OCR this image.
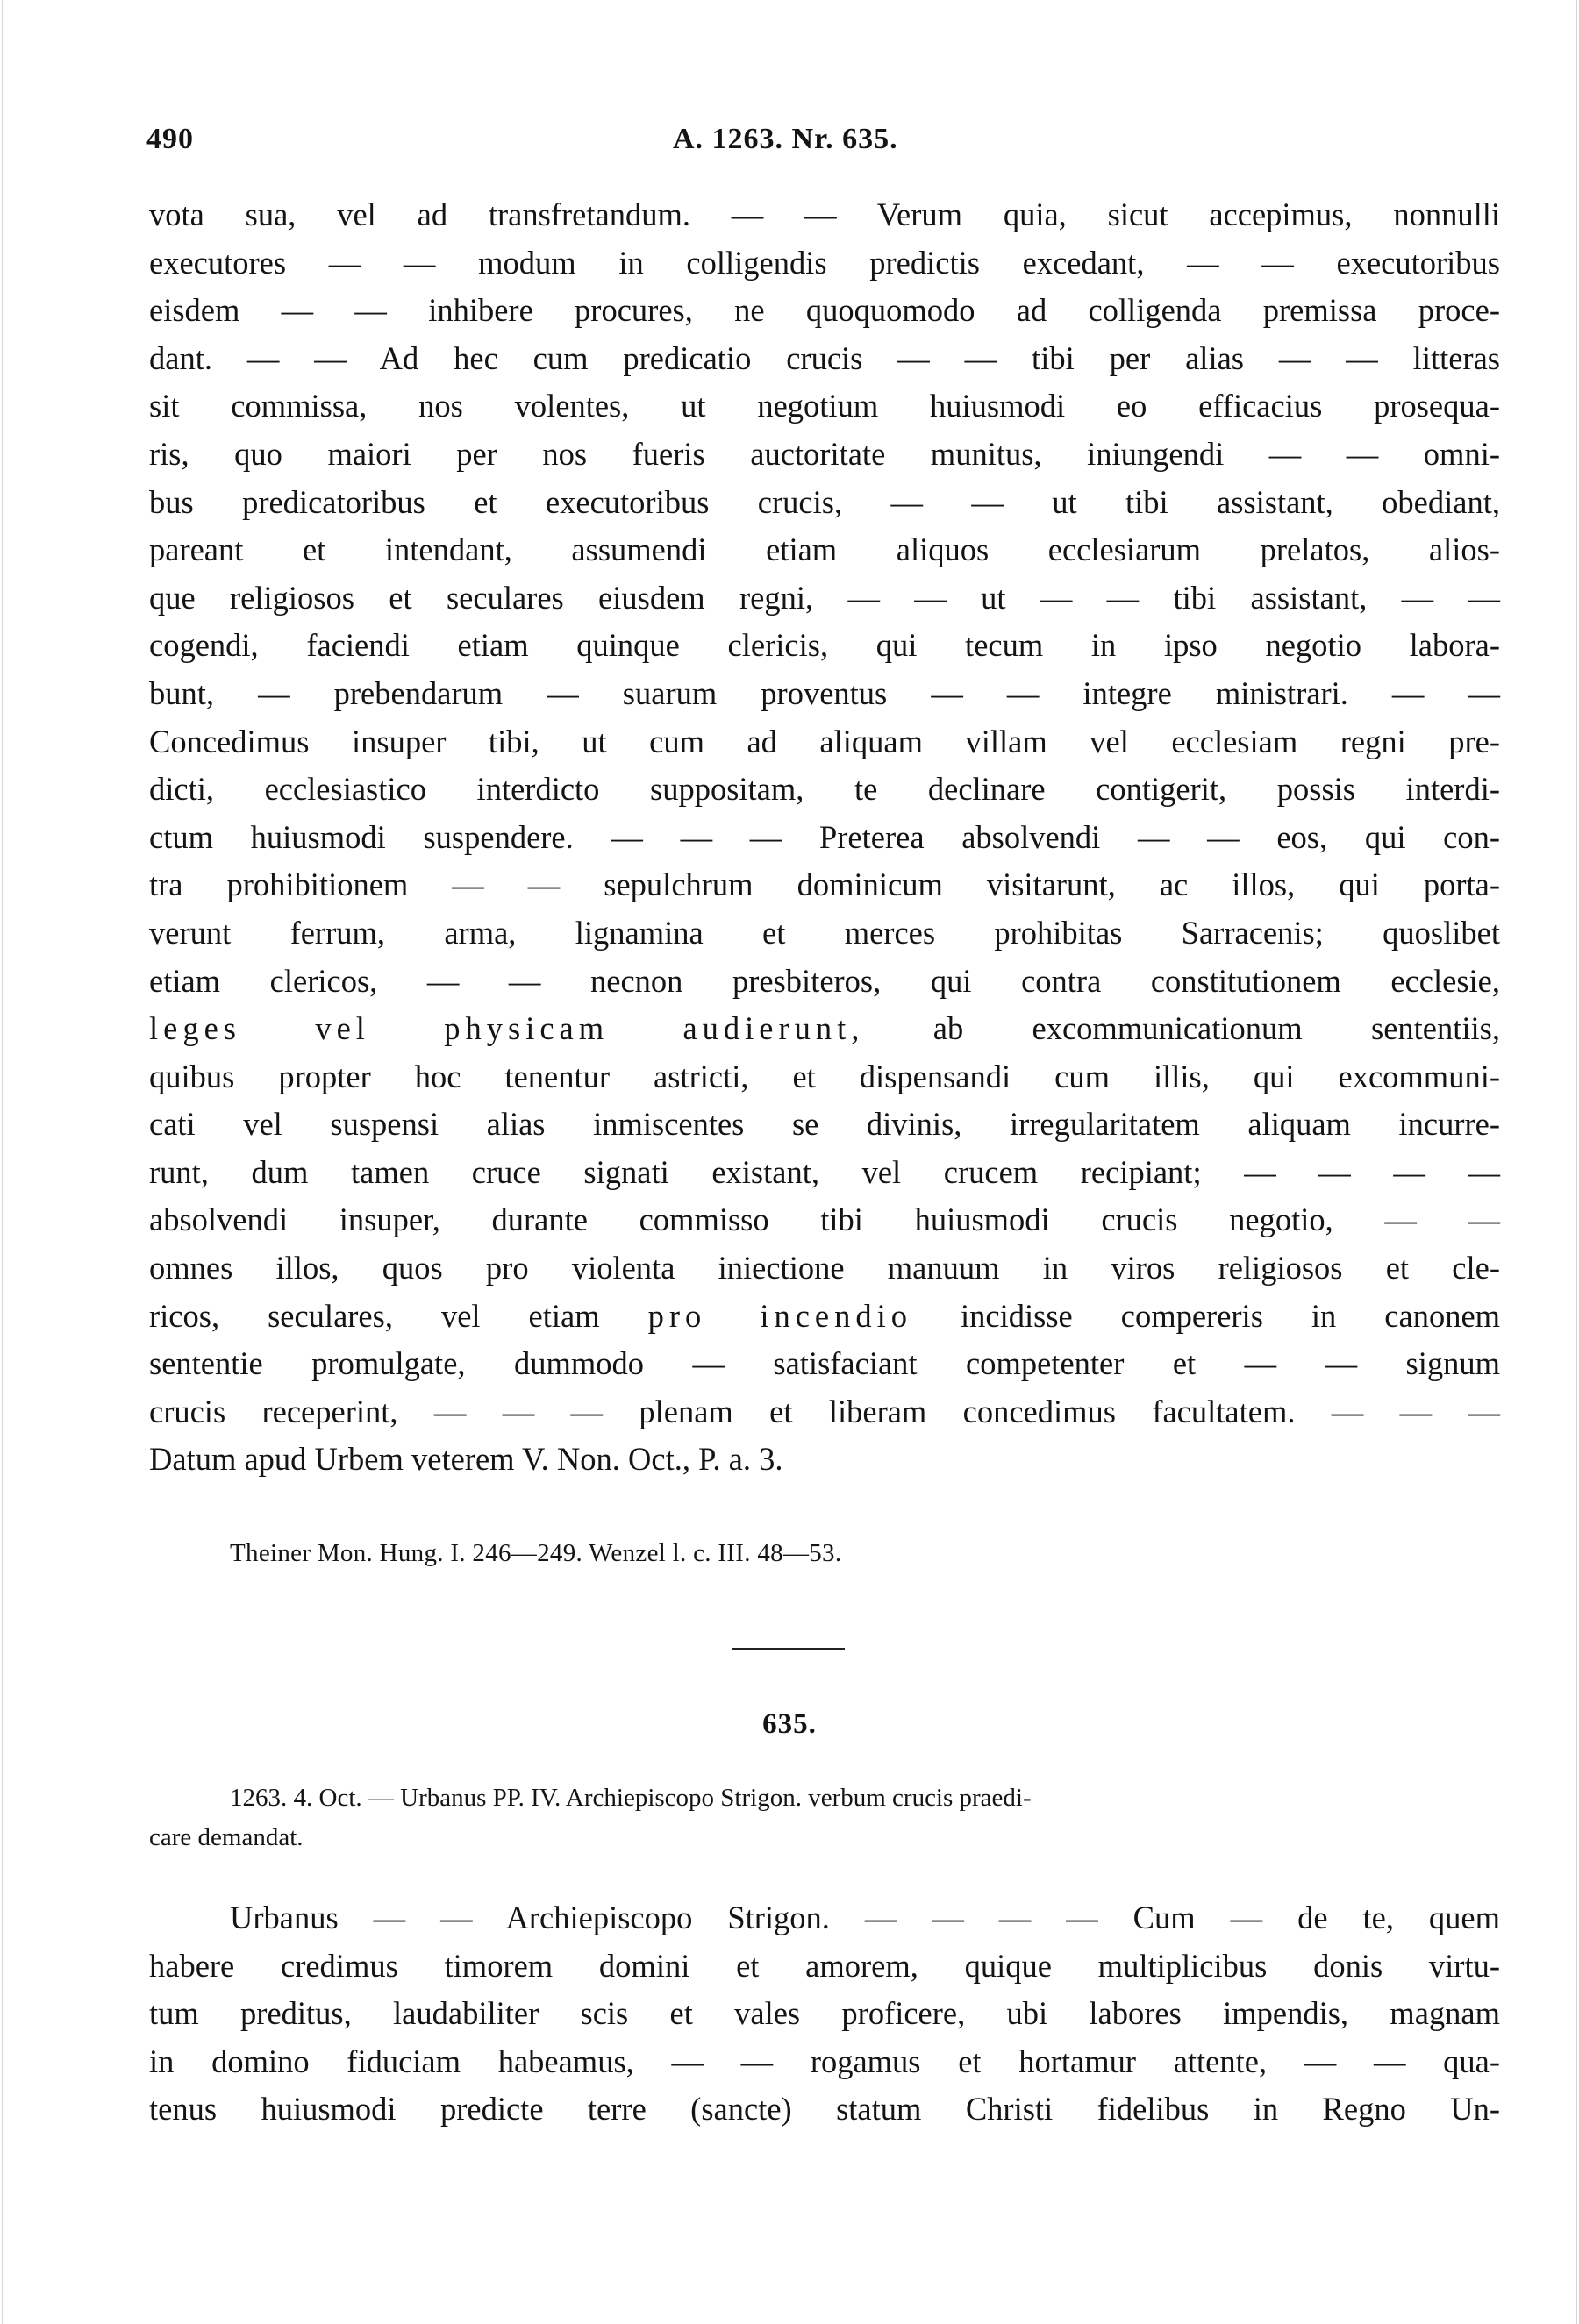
490	A. 1263. Nr. 635.
vota sua, vel ad transfretandum. — — Verum quia, sicut accepimus, nonnulli
executores — — modum in colligendis predictis excedant, — — executoribus
eisdem — — inhibere procures, ne quoquomodo ad colligenda premissa proce-
dant. — — Ad hec cum predicatio crucis — — tibi per alias — — litteras
sit commissa, nos volentes, ut negotium huiusmodi eo efficacius prosequa-
ris, quo maiori per nos fueris auctoritate munitus, iniungendi — — omni-
bus predicatoribus et executoribus crucis, — — ut tibi assistant, obediant,
pareant et intendant, assumendi etiam aliquos ecclesiarum prelatos, alios-
que religiosos et seculares eiusdem regni, — — ut — — tibi assistant, — —
cogendi, faciendi etiam quinque clericis, qui tecum in ipso negotio labora-
bunt, — prebendarum — suarum proventus — — integre ministrari. — —
Concedimus insuper tibi, ut cum ad aliquam villam vel ecclesiam regni pre-
dicti, ecclesiastico interdicto suppositam, te declinare contigerit, possis interdi-
ctum huiusmodi suspendere. — — — Preterea absolvendi — — eos, qui con-
tra prohibitionem — — sepulchrum dominicum visitarunt, ac illos, qui porta-
verunt ferrum, arma, lignamina et merces prohibitas Sarracenis; quoslibet
etiam clericos, — — necnon presbiteros, qui contra constitutionem ecclesie,
leges vel physicam audierunt, ab excommunicationum sententiis,
quibus propter hoc tenentur astricti, et dispensandi cum illis, qui excommuni-
cati vel suspensi alias inmiscentes se divinis, irregularitatem aliquam incurre-
runt, dum tamen cruce signati existant, vel crucem recipiant; — — — —
absolvendi insuper, durante commisso tibi huiusmodi crucis negotio, — —
omnes illos, quos pro violenta iniectione manuum in viros religiosos et cle-
ricos, seculares, vel etiam pro incendio incidisse compereris in canonem
sententie promulgate, dummodo — satisfaciant competenter et — — signum
crucis receperint, — — — plenam et liberam concedimus facultatem. — — —
Datum apud Urbem veterem V. Non. Oct., P. a. 3.
Theiner Mon. Hung. I. 246—249. Wenzel l. c. III. 48—53.
635.
1263. 4. Oct. — Urbanus PP. IV. Archiepiscopo Strigon. verbum crucis praedi-
care demandat.
Urbanus — — Archiepiscopo Strigon. — — — — Cum — de te, quem
habere credimus timorem domini et amorem, quique multiplicibus donis virtu-
tum preditus, laudabiliter scis et vales proficere, ubi labores impendis, magnam
in domino fiduciam habeamus, — — rogamus et hortamur attente, — — qua-
tenus huiusmodi predicte terre (sancte) statum Christi fidelibus in Regno Un-
